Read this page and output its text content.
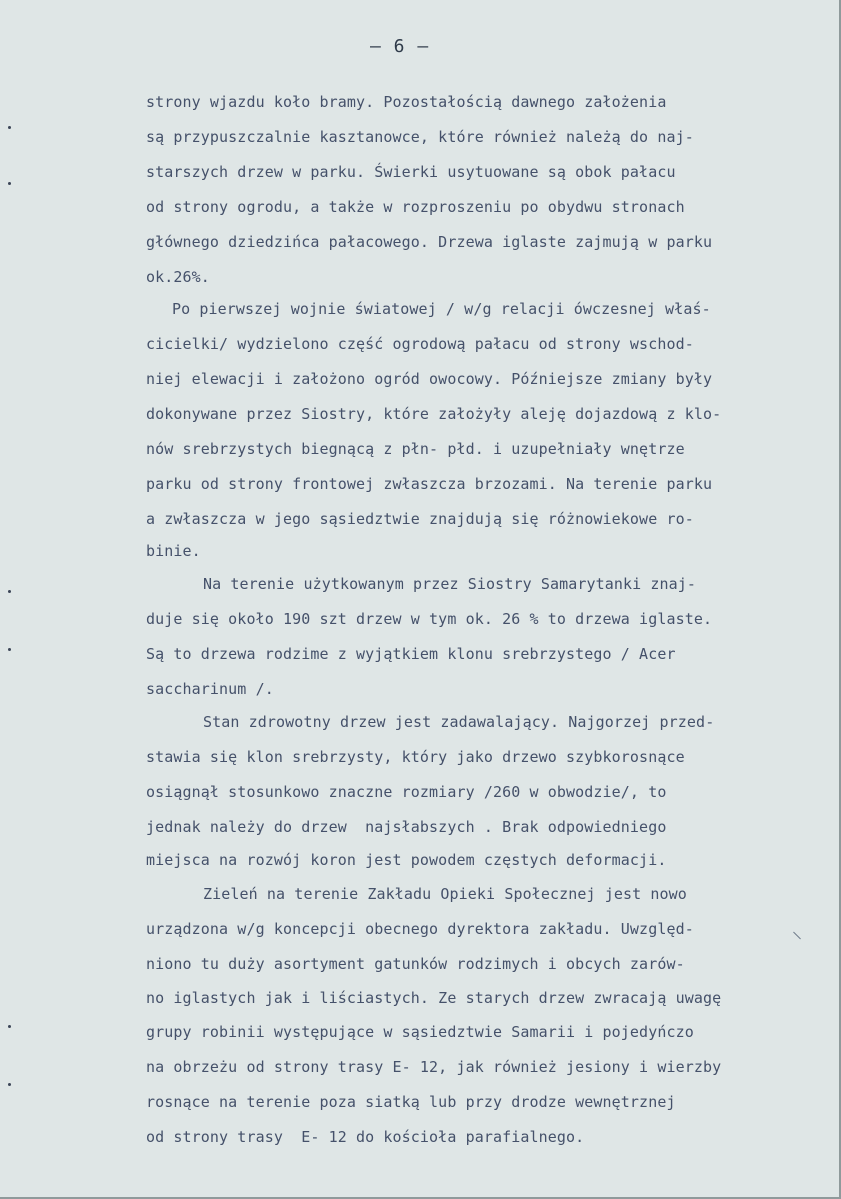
— 6 —
strony wjazdu koło bramy. Pozostałością dawnego założenia
są przypuszczalnie kasztanowce, które również należą do naj-
starszych drzew w parku. Świerki usytuowane są obok pałacu
od strony ogrodu, a także w rozproszeniu po obydwu stronach
głównego dziedzińca pałacowego. Drzewa iglaste zajmują w parku
ok.26%.
Po pierwszej wojnie światowej / w/g relacji ówczesnej właś-
cicielki/ wydzielono część ogrodową pałacu od strony wschod-
niej elewacji i założono ogród owocowy. Późniejsze zmiany były
dokonywane przez Siostry, które założyły aleję dojazdową z klo-
nów srebrzystych biegnącą z płn- płd. i uzupełniały wnętrze
parku od strony frontowej zwłaszcza brzozami. Na terenie parku
a zwłaszcza w jego sąsiedztwie znajdują się różnowiekowe ro-
binie.
Na terenie użytkowanym przez Siostry Samarytanki znaj-
duje się około 190 szt drzew w tym ok. 26 % to drzewa iglaste.
Są to drzewa rodzime z wyjątkiem klonu srebrzystego / Acer
saccharinum /.
Stan zdrowotny drzew jest zadawalający. Najgorzej przed-
stawia się klon srebrzysty, który jako drzewo szybkorosnące
osiągnął stosunkowo znaczne rozmiary /260 w obwodzie/, to
jednak należy do drzew  najsłabszych . Brak odpowiedniego
miejsca na rozwój koron jest powodem częstych deformacji.
Zieleń na terenie Zakładu Opieki Społecznej jest nowo
urządzona w/g koncepcji obecnego dyrektora zakładu. Uwzględ-
niono tu duży asortyment gatunków rodzimych i obcych zarów-
no iglastych jak i liściastych. Ze starych drzew zwracają uwagę
grupy robinii występujące w sąsiedztwie Samarii i pojedyńczo
na obrzeżu od strony trasy E- 12, jak również jesiony i wierzby
rosnące na terenie poza siatką lub przy drodze wewnętrznej
od strony trasy  E- 12 do kościoła parafialnego.
